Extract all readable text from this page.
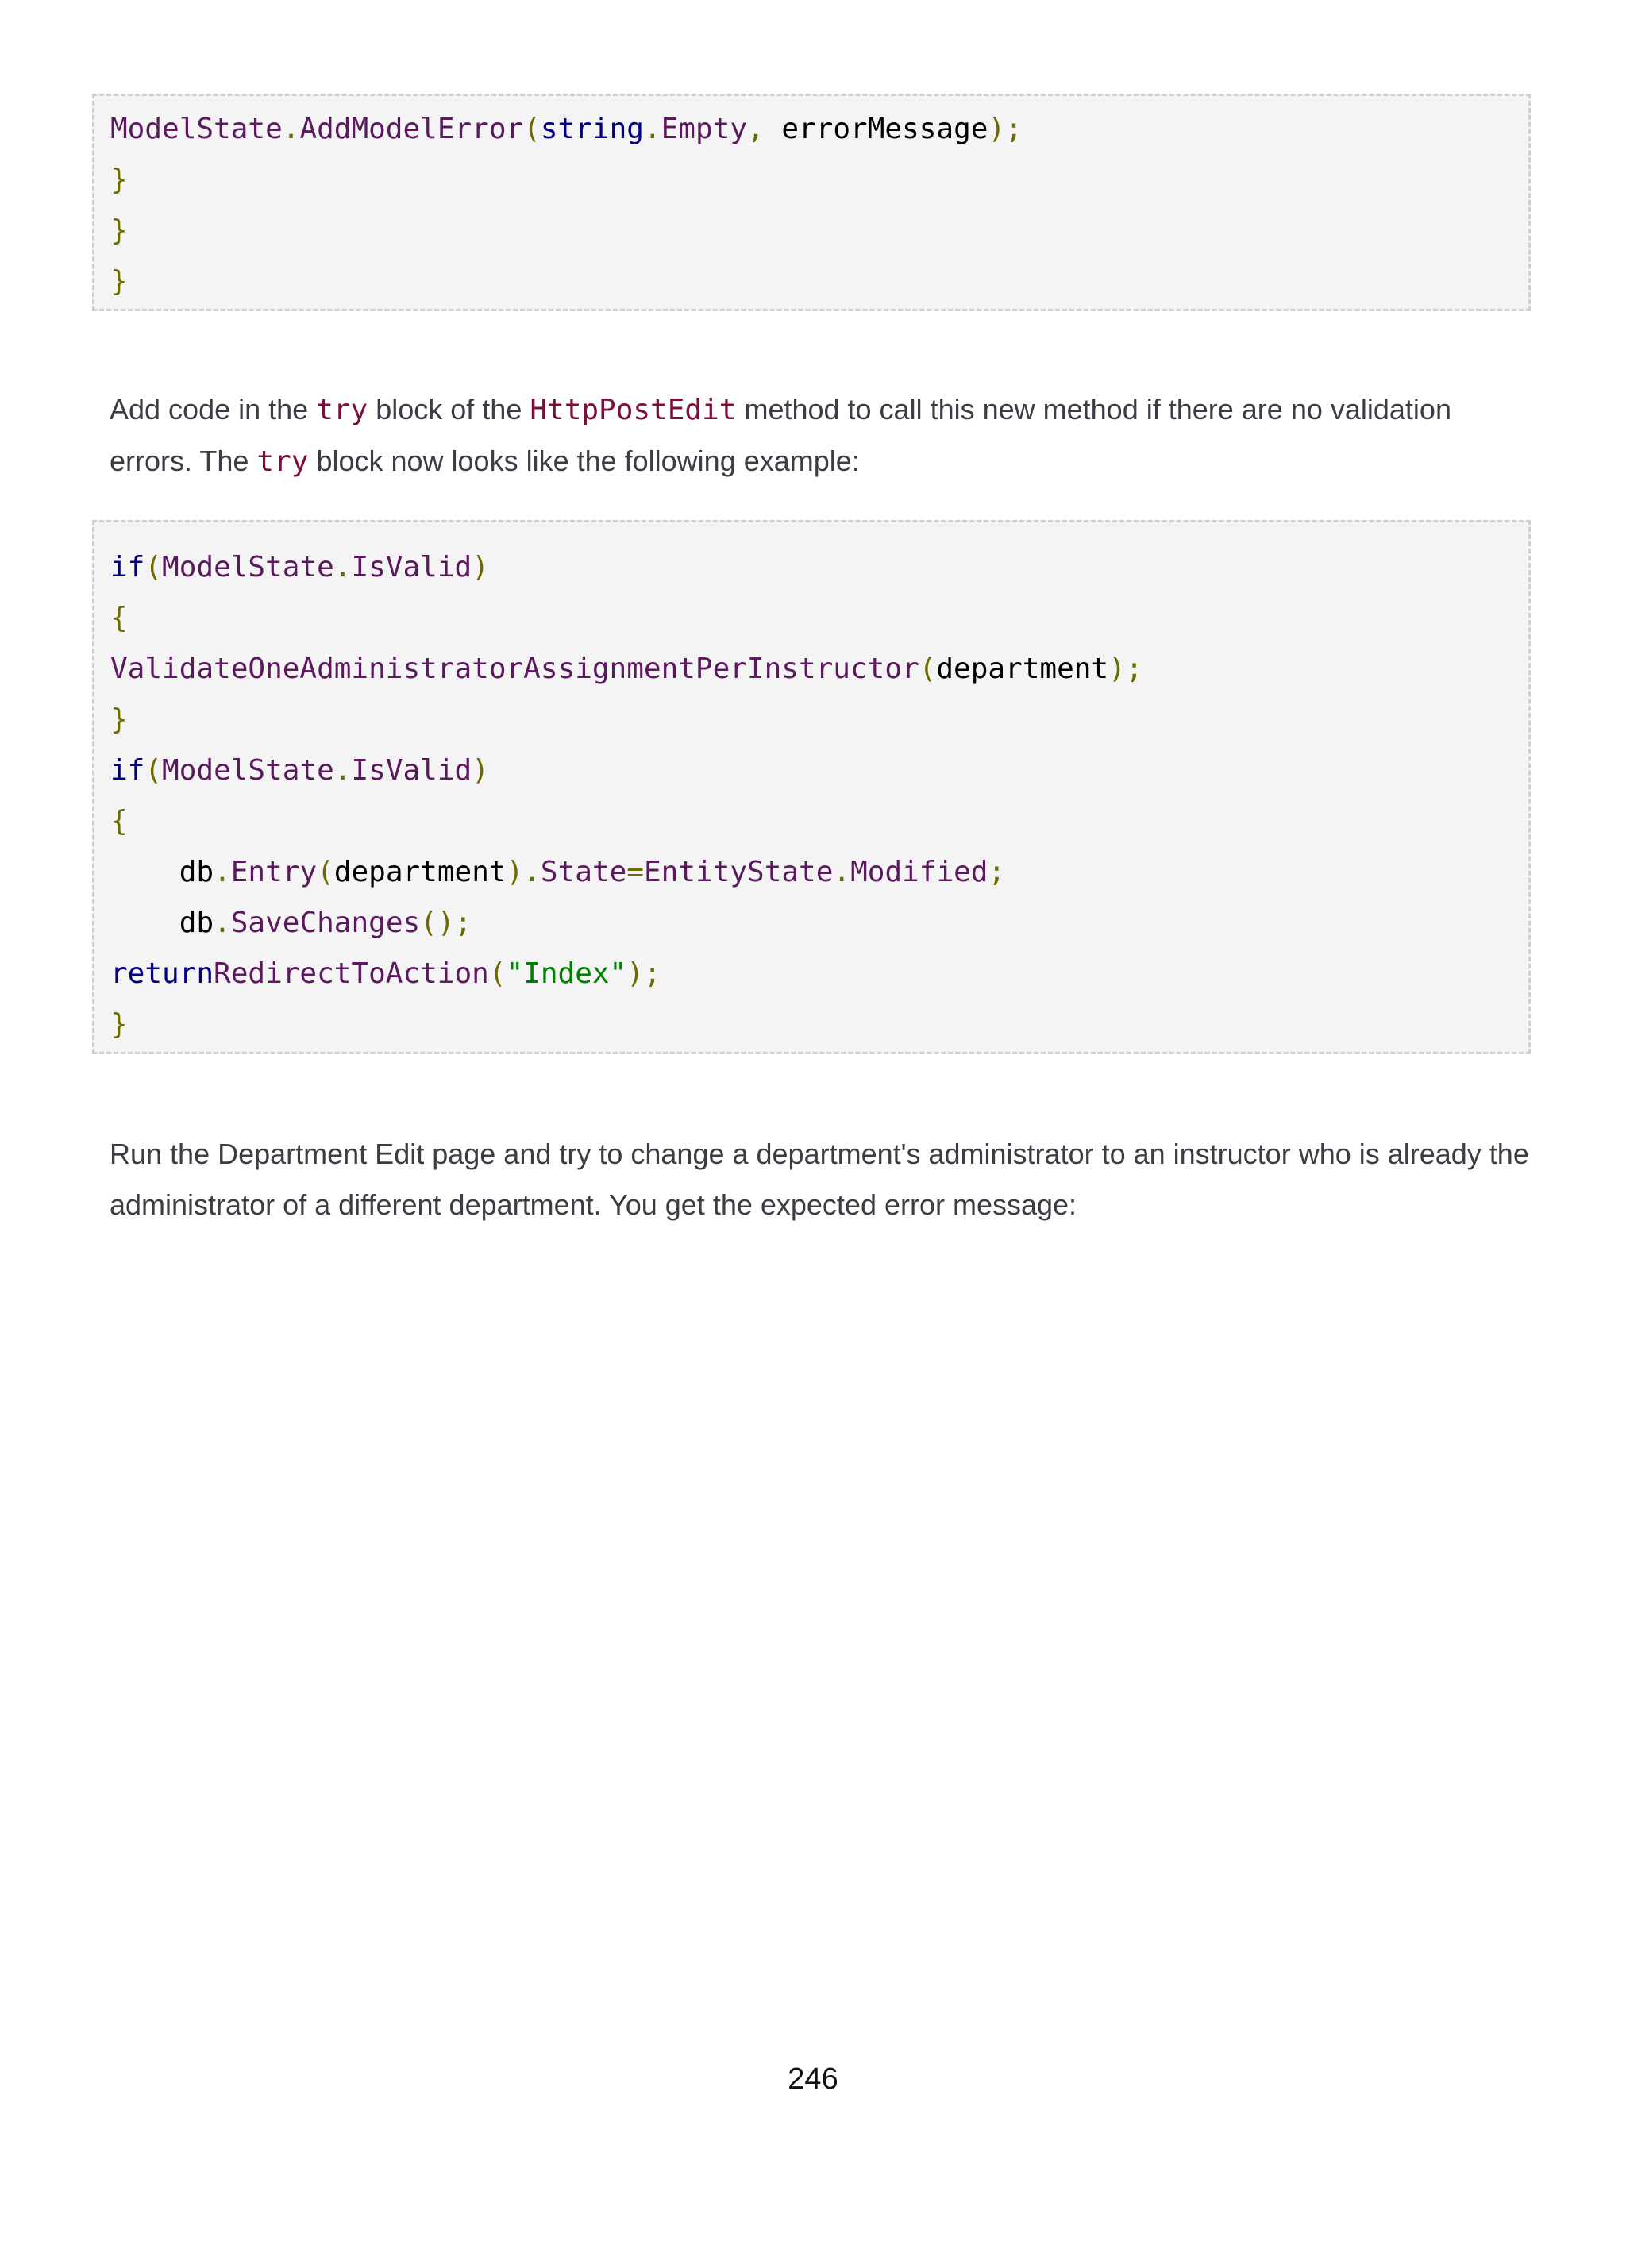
ModelState.AddModelError(string.Empty, errorMessage);
}
}
}

Add code in the try block of the HttpPostEdit method to call this new method if there are no validation errors. The try block now looks like the following example:

if(ModelState.IsValid)
{
ValidateOneAdministratorAssignmentPerInstructor(department);
}
if(ModelState.IsValid)
{
db.Entry(department).State=EntityState.Modified;
db.SaveChanges();
returnRedirectToAction("Index");
}

Run the Department Edit page and try to change a department's administrator to an instructor who is already the administrator of a different department. You get the expected error message:

246
